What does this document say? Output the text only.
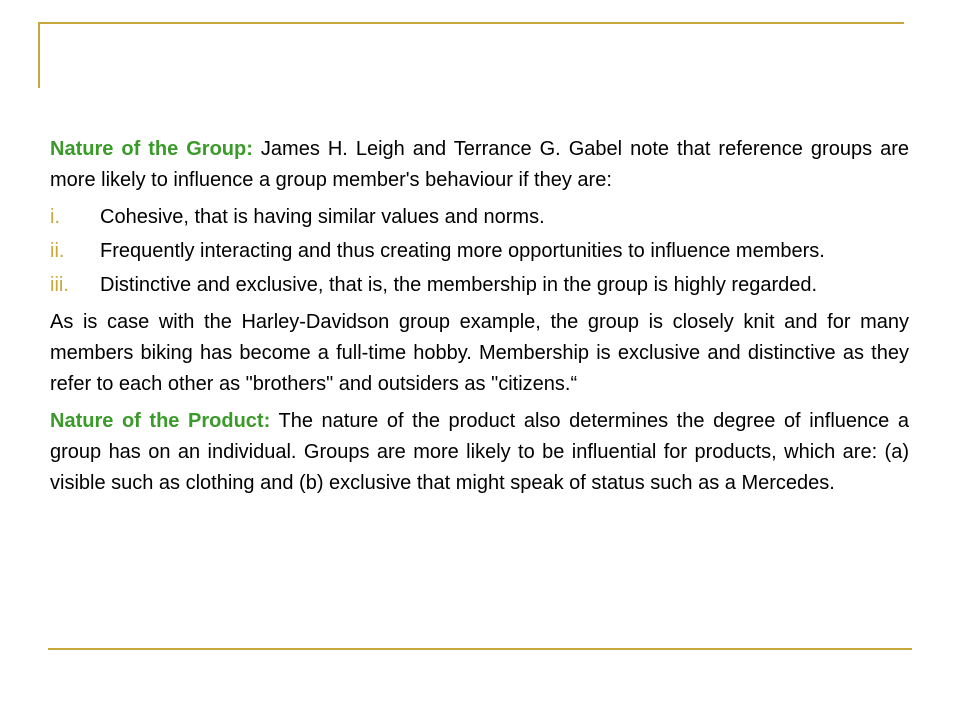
Nature of the Group: James H. Leigh and Terrance G. Gabel note that reference groups are more likely to influence a group member's behaviour if they are:

i.	Cohesive, that is having similar values and norms.
ii.	Frequently interacting and thus creating more opportunities to influence members.
iii.	Distinctive and exclusive, that is, the membership in the group is highly regarded.

As is case with the Harley-Davidson group example, the group is closely knit and for many members biking has become a full-time hobby. Membership is exclusive and distinctive as they refer to each other as "brothers" and outsiders as "citizens.“

Nature of the Product: The nature of the product also determines the degree of influence a group has on an individual. Groups are more likely to be influential for products, which are: (a) visible such as clothing and (b) exclusive that might speak of status such as a Mercedes.
